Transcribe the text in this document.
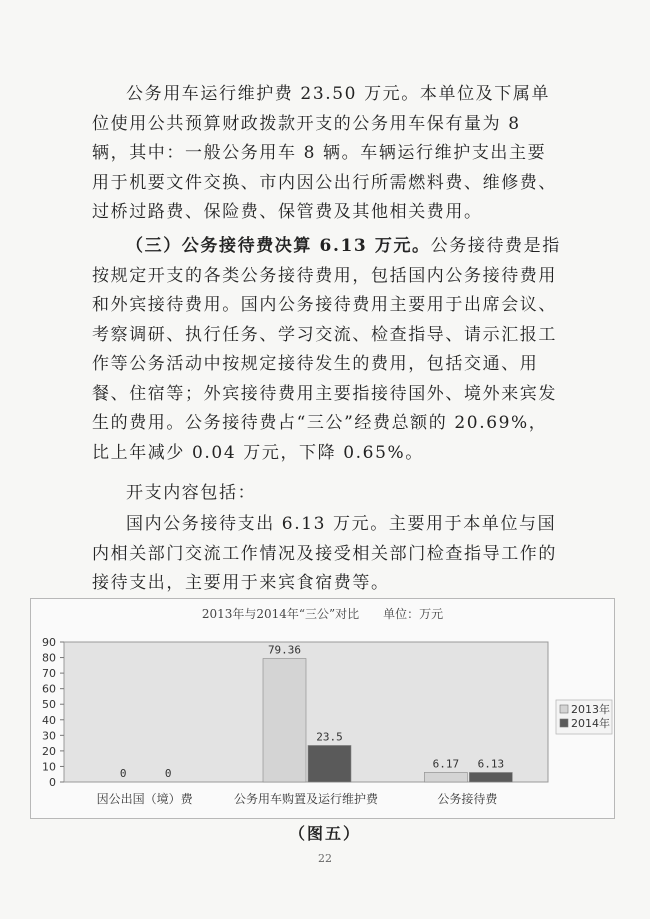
公务用车运行维护费 23.50 万元。本单位及下属单位使用公共预算财政拨款开支的公务用车保有量为 8 辆，其中：一般公务用车 8 辆。车辆运行维护支出主要用于机要文件交换、市内因公出行所需燃料费、维修费、过桥过路费、保险费、保管费及其他相关费用。

（三）公务接待费决算 6.13 万元。公务接待费是指按规定开支的各类公务接待费用，包括国内公务接待费用和外宾接待费用。国内公务接待费用主要用于出席会议、考察调研、执行任务、学习交流、检查指导、请示汇报工作等公务活动中按规定接待发生的费用，包括交通、用餐、住宿等；外宾接待费用主要指接待国外、境外来宾发生的费用。公务接待费占“三公”经费总额的 20.69%，比上年减少 0.04 万元，下降 0.65%。

开支内容包括：

国内公务接待支出 6.13 万元。主要用于本单位与国内相关部门交流工作情况及接受相关部门检查指导工作的接待支出，主要用于来宾食宿费等。

2013年与2014年“三公”对比　　单位：万元
0
10
20
30
40
50
60
70
80
90
0	0
因公出国（境）费
79.36
23.5
公务用车购置及运行维护费
6.17 6.13
公务接待费
2013年
2014年
（图五）
22
